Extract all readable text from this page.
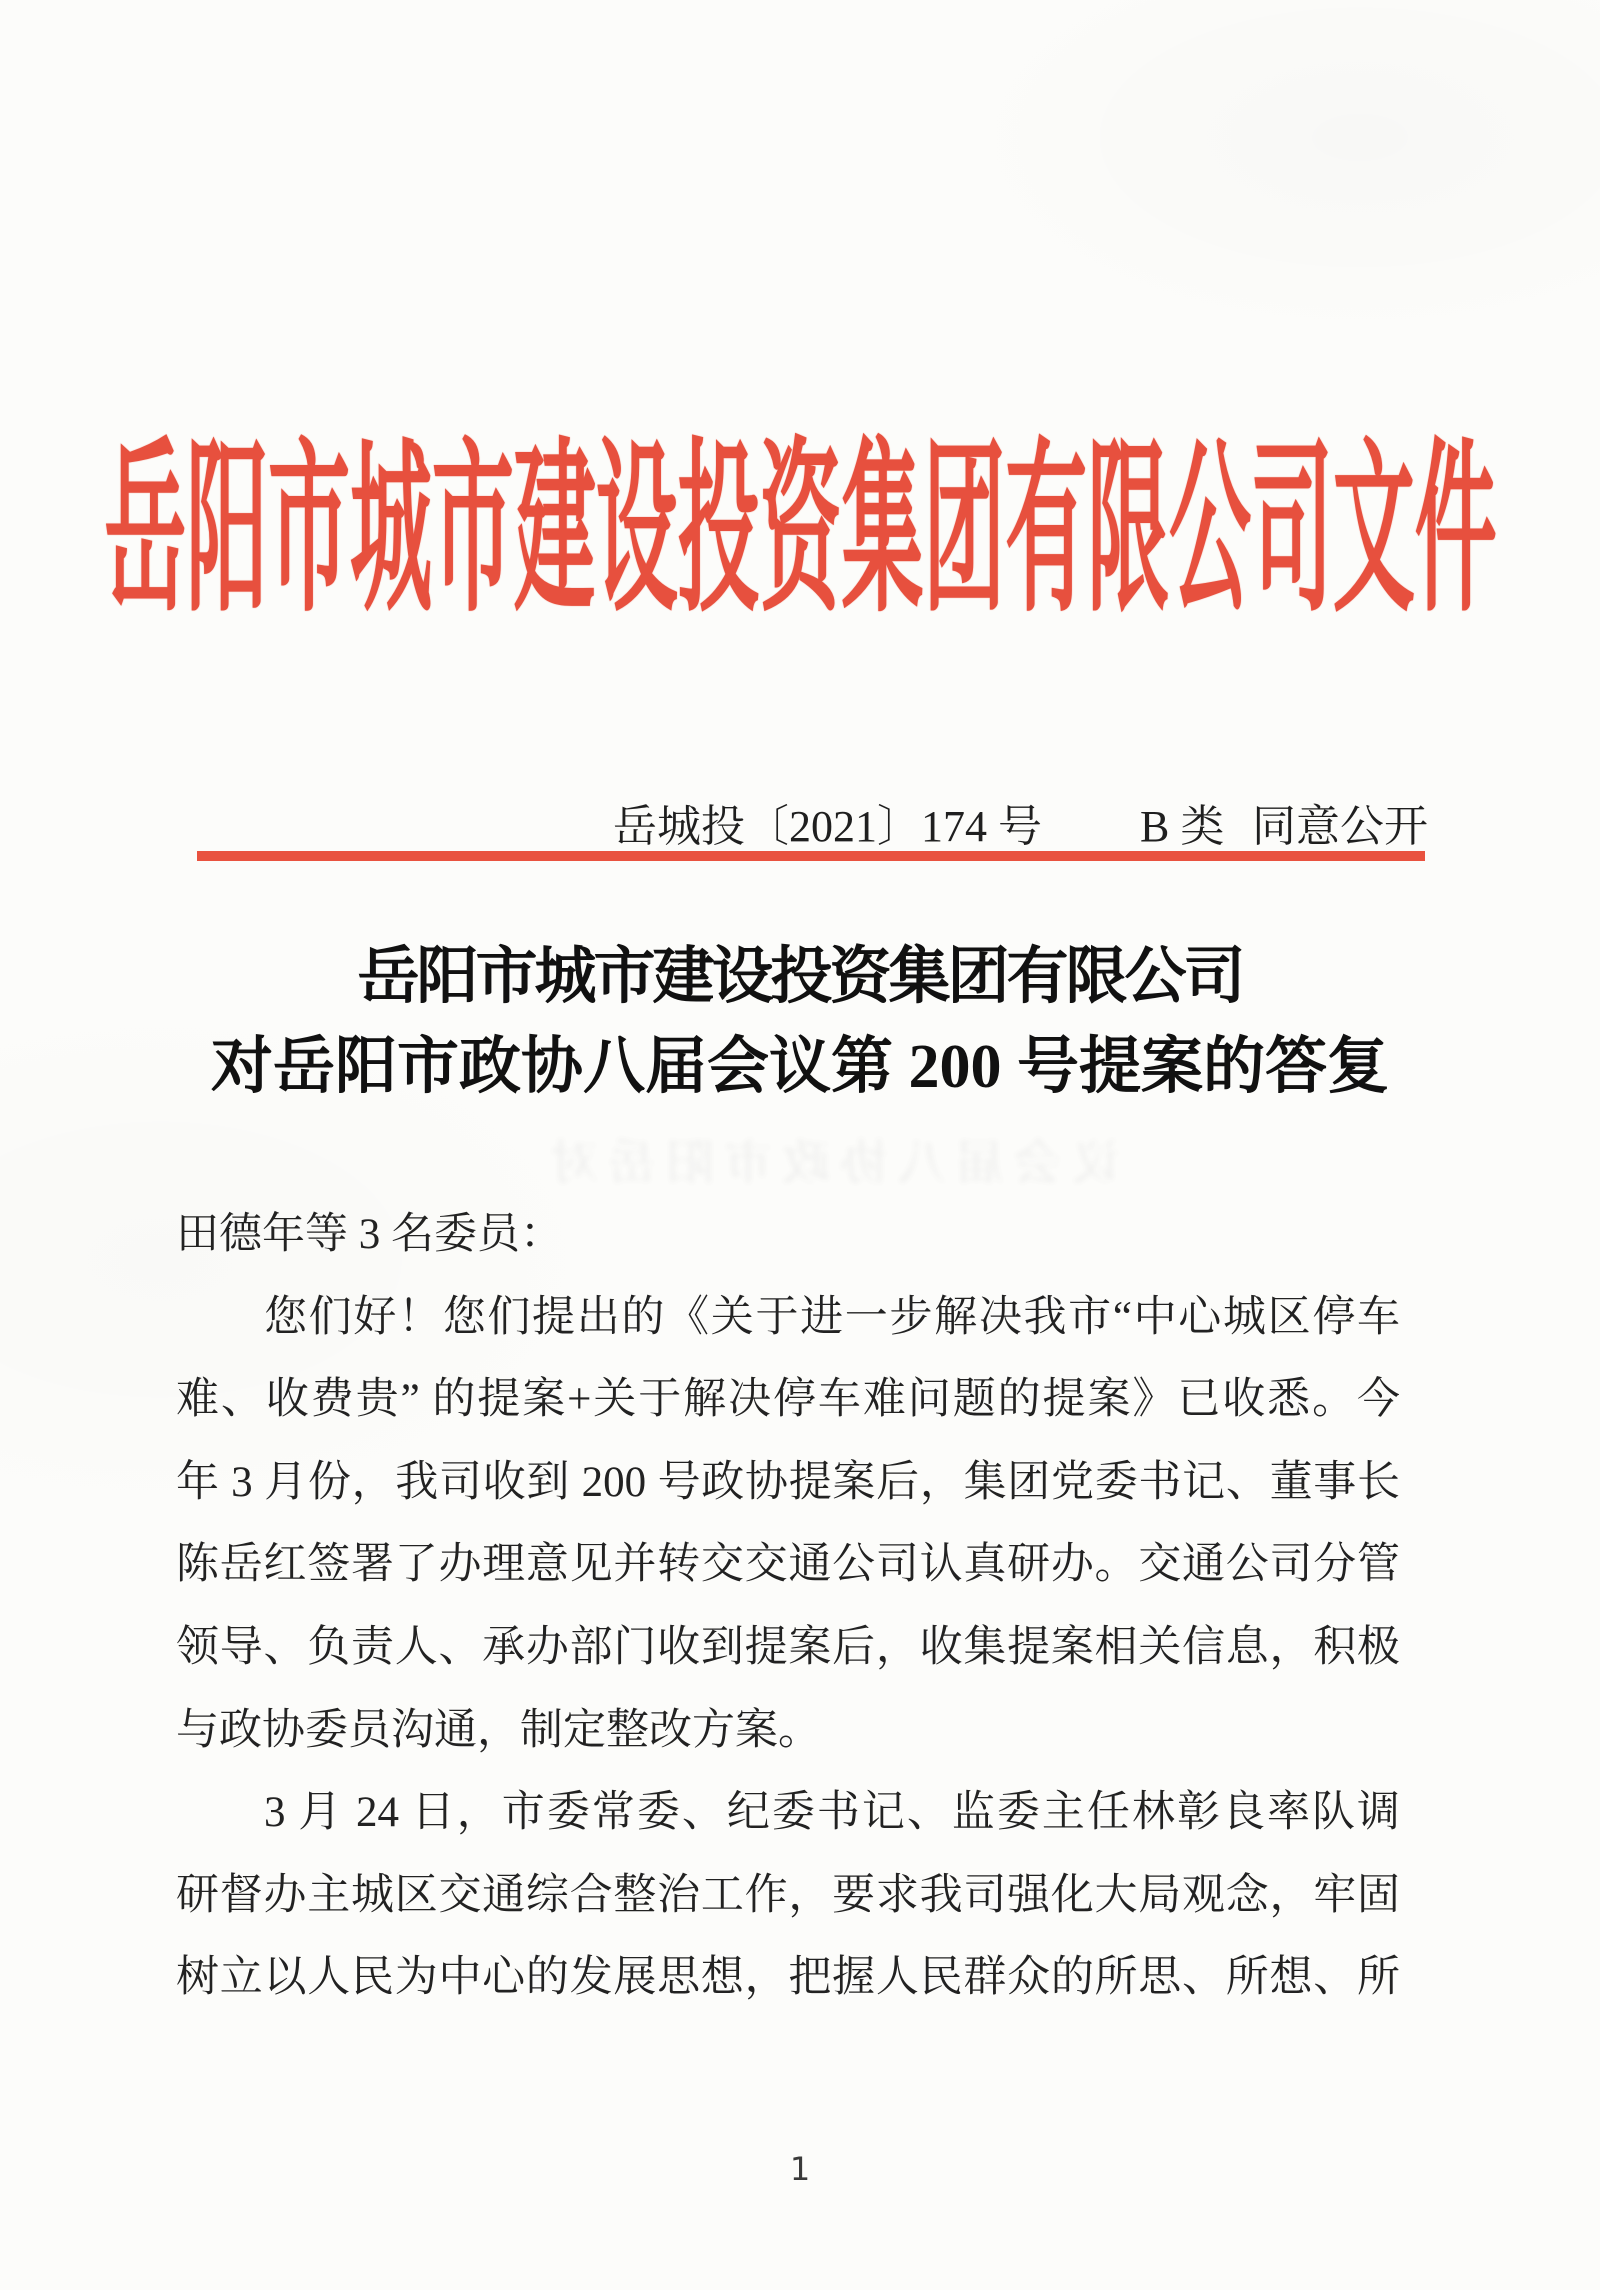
岳阳市城市建设投资集团有限公司文件
岳城投〔2021〕174 号 B 类 同意公开
岳阳市城市建设投资集团有限公司
对岳阳市政协八届会议第 200 号提案的答复
议会届八协政市阳岳对
田德年等 3 名委员：
您们好！您们提出的《关于进一步解决我市“中心城区停车
难、收费贵” 的提案+关于解决停车难问题的提案》已收悉。今
年 3 月份，我司收到 200 号政协提案后，集团党委书记、董事长
陈岳红签署了办理意见并转交交通公司认真研办。交通公司分管
领导、负责人、承办部门收到提案后，收集提案相关信息，积极
与政协委员沟通，制定整改方案。
3 月 24 日，市委常委、纪委书记、监委主任林彰良率队调
研督办主城区交通综合整治工作，要求我司强化大局观念，牢固
树立以人民为中心的发展思想，把握人民群众的所思、所想、所
1
